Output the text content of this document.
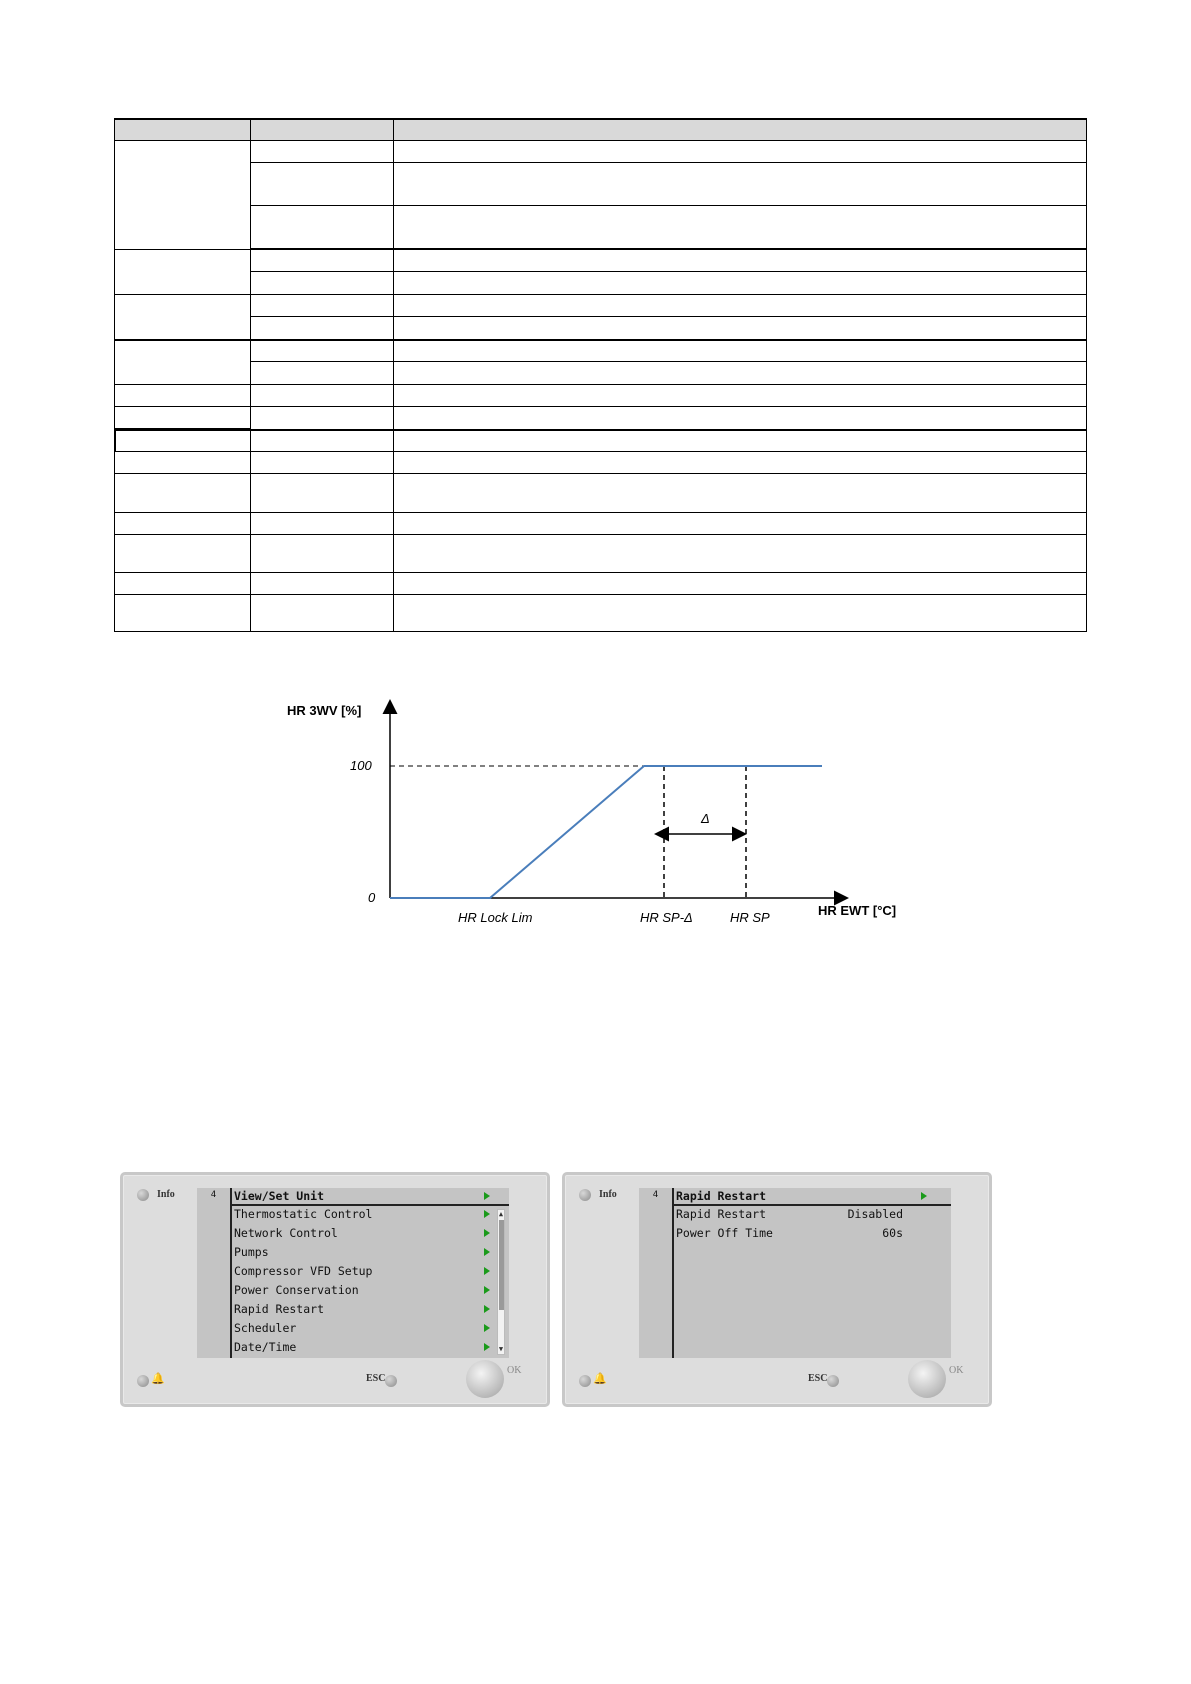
HR 3WV [%]
HR EWT [°C]
100
0
HR Lock Lim	HR SP-Δ	HR SP
Δ
Info
🔔	ESC
OK
4	View/Set Unit
Thermostatic Control
Network Control
Pumps
Compressor VFD Setup
Power Conservation
Rapid Restart
Scheduler
Date/Time
▲
▼
Info
🔔	ESC
OK
4	Rapid Restart
Rapid Restart	Disabled
Power Off Time	60s
